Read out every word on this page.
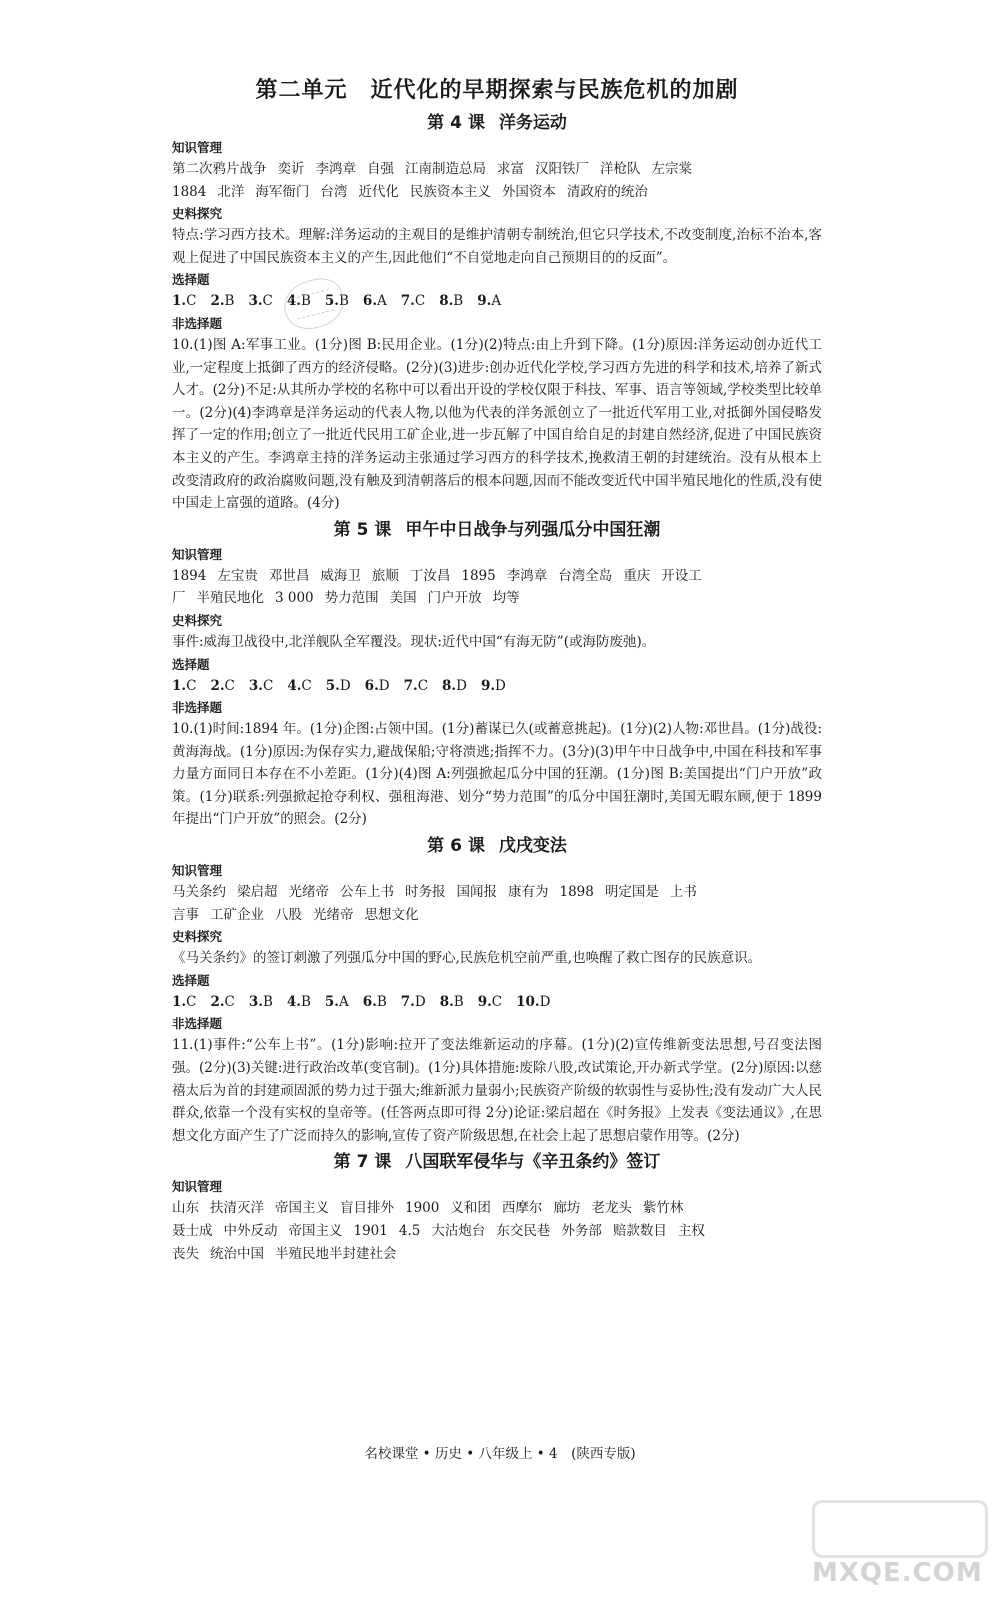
第二单元　近代化的早期探索与民族危机的加剧
第 4 课 洋务运动
知识管理
第二次鸦片战争 奕䜣 李鸿章 自强 江南制造总局 求富 汉阳铁厂 洋枪队 左宗棠
1884 北洋 海军衙门 台湾 近代化 民族资本主义 外国资本 清政府的统治
史料探究

特点:学习西方技术。理解:洋务运动的主观目的是维护清朝专制统治,但它只学技术,不改变制度,治标不治本,客观上促进了中国民族资本主义的产生,因此他们“不自觉地走向自己预期目的的反面”。

选择题
1.C 2.B 3.C 4.B 5.B 6.A 7.C 8.B 9.A
非选择题

10.(1)图 A:军事工业。(1分)图 B:民用企业。(1分)(2)特点:由上升到下降。(1分)原因:洋务运动创办近代工业,一定程度上抵御了西方的经济侵略。(2分)(3)进步:创办近代化学校,学习西方先进的科学和技术,培养了新式人才。(2分)不足:从其所办学校的名称中可以看出开设的学校仅限于科技、军事、语言等领域,学校类型比较单一。(2分)(4)李鸿章是洋务运动的代表人物,以他为代表的洋务派创立了一批近代军用工业,对抵御外国侵略发挥了一定的作用;创立了一批近代民用工矿企业,进一步瓦解了中国自给自足的封建自然经济,促进了中国民族资本主义的产生。李鸿章主持的洋务运动主张通过学习西方的科学技术,挽救清王朝的封建统治。没有从根本上改变清政府的政治腐败问题,没有触及到清朝落后的根本问题,因而不能改变近代中国半殖民地化的性质,没有使中国走上富强的道路。(4分)

第 5 课 甲午中日战争与列强瓜分中国狂潮
知识管理
1894 左宝贵 邓世昌 威海卫 旅顺 丁汝昌 1895 李鸿章 台湾全岛 重庆 开设工
厂 半殖民地化 3 000 势力范围 美国 门户开放 均等
史料探究

事件:威海卫战役中,北洋舰队全军覆没。现状:近代中国“有海无防”(或海防废弛)。

选择题
1.C 2.C 3.C 4.C 5.D 6.D 7.C 8.D 9.D
非选择题

10.(1)时间:1894 年。(1分)企图:占领中国。(1分)蓄谋已久(或蓄意挑起)。(1分)(2)人物:邓世昌。(1分)战役:黄海海战。(1分)原因:为保存实力,避战保船;守将溃逃;指挥不力。(3分)(3)甲午中日战争中,中国在科技和军事力量方面同日本存在不小差距。(1分)(4)图 A:列强掀起瓜分中国的狂潮。(1分)图 B:美国提出“门户开放”政策。(1分)联系:列强掀起抢夺利权、强租海港、划分“势力范围”的瓜分中国狂潮时,美国无暇东顾,便于 1899 年提出“门户开放”的照会。(2分)

第 6 课 戊戌变法
知识管理
马关条约 梁启超 光绪帝 公车上书 时务报 国闻报 康有为 1898 明定国是 上书
言事 工矿企业 八股 光绪帝 思想文化
史料探究

《马关条约》的签订刺激了列强瓜分中国的野心,民族危机空前严重,也唤醒了救亡图存的民族意识。

选择题
1.C 2.C 3.B 4.B 5.A 6.B 7.D 8.B 9.C 10.D
非选择题

11.(1)事件:“公车上书”。(1分)影响:拉开了变法维新运动的序幕。(1分)(2)宣传维新变法思想,号召变法图强。(2分)(3)关键:进行政治改革(变官制)。(1分)具体措施:废除八股,改试策论,开办新式学堂。(2分)原因:以慈禧太后为首的封建顽固派的势力过于强大;维新派力量弱小;民族资产阶级的软弱性与妥协性;没有发动广大人民群众,依靠一个没有实权的皇帝等。(任答两点即可得 2分)论证:梁启超在《时务报》上发表《变法通议》,在思想文化方面产生了广泛而持久的影响,宣传了资产阶级思想,在社会上起了思想启蒙作用等。(2分)

第 7 课 八国联军侵华与《辛丑条约》签订
知识管理
山东 扶清灭洋 帝国主义 盲目排外 1900 义和团 西摩尔 廊坊 老龙头 紫竹林
聂士成 中外反动 帝国主义 1901 4.5 大沽炮台 东交民巷 外务部 赔款数目 主权
丧失 统治中国 半殖民地半封建社会
名校课堂 • 历史 • 八年级上 • 4　(陕西专版)
MXQE.COM
